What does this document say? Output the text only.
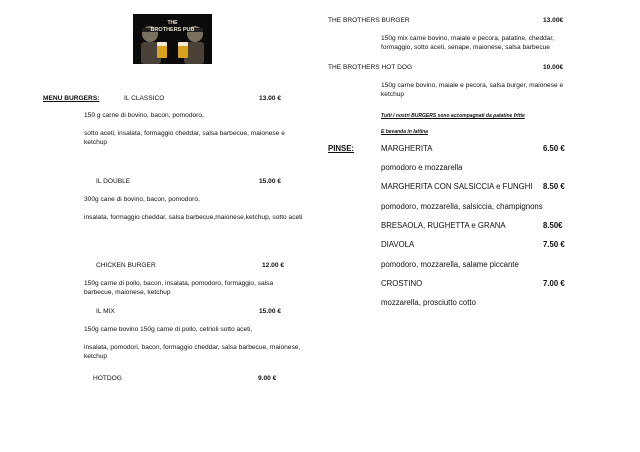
THE
BROTHERS PUB
MENU BURGERS:	IL CLASSICO	13.00 €
150 g carne di bovino, bacon, pomodoro,
sotto aceti, insalata, formaggio cheddar, salsa barbecue, maionese e ketchup
IL DOUBLE	15.00 €
300g cane di bovino, bacon, pomodoro,
insalata, formaggio cheddar, salsa barbecue,maionese,ketchup, sotto aceti
CHICKEN BURGER	12.00 €
150g carne di pollo, bacon, insalata, pomodoro, formaggio, salsa barbecue, maionese, ketchup
IL MIX	15.00 €
150g carne bovino 150g carne di pollo, cetrioli sotto aceti,
insalata, pomodori, bacon, formaggio cheddar, salsa barbecue, maionese, ketchup
HOTDOG	9.00 €
THE BROTHERS BURGER	13.00€
150g mix carne bovino, maiale e pecora, patatine, cheddar, formaggio, sotto aceti, senape, maionese, salsa barbecue
THE BROTHERS HOT DOG	10.00€
150g carne bovino, maiale e pecora, salsa burger, maionese e ketchup
Tutti i nostri BURGERS sono accompagnati da patatine fritte
E bevanda in lattina
PINSE:	MARGHERITA	6.50 €
pomodoro e mozzarella
MARGHERITA CON SALSICCIA e FUNGHI 8.50 €
pomodoro, mozzarella, salsiccia, champignons
BRESAOLA, RUGHETTA e GRANA	8.50€
DIAVOLA	7.50 €
pomodoro, mozzarella, salame piccante
CROSTINO	7.00 €
mozzarella, prosciutto cotto
